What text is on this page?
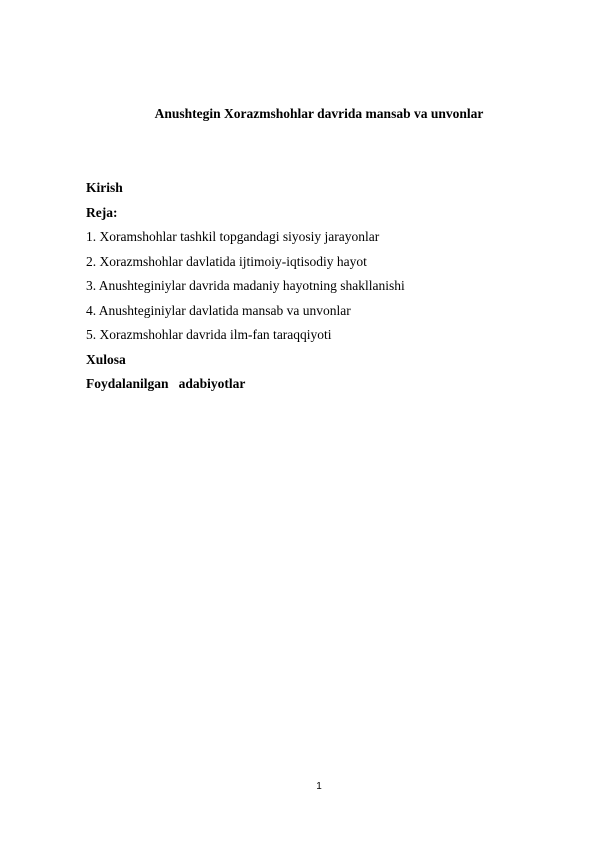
Anushtegin Xorazmshohlar davrida mansab va unvonlar
Kirish
Reja:
1. Xoramshohlar tashkil topgandagi siyosiy jarayonlar
2. Xorazmshohlar davlatida ijtimoiy-iqtisodiy hayot
3. Anushteginiylar davrida madaniy hayotning shakllanishi
4. Anushteginiylar davlatida mansab va unvonlar
5. Xorazmshohlar davrida ilm-fan taraqqiyoti
Xulosa
Foydalanilgan   adabiyotlar
1
